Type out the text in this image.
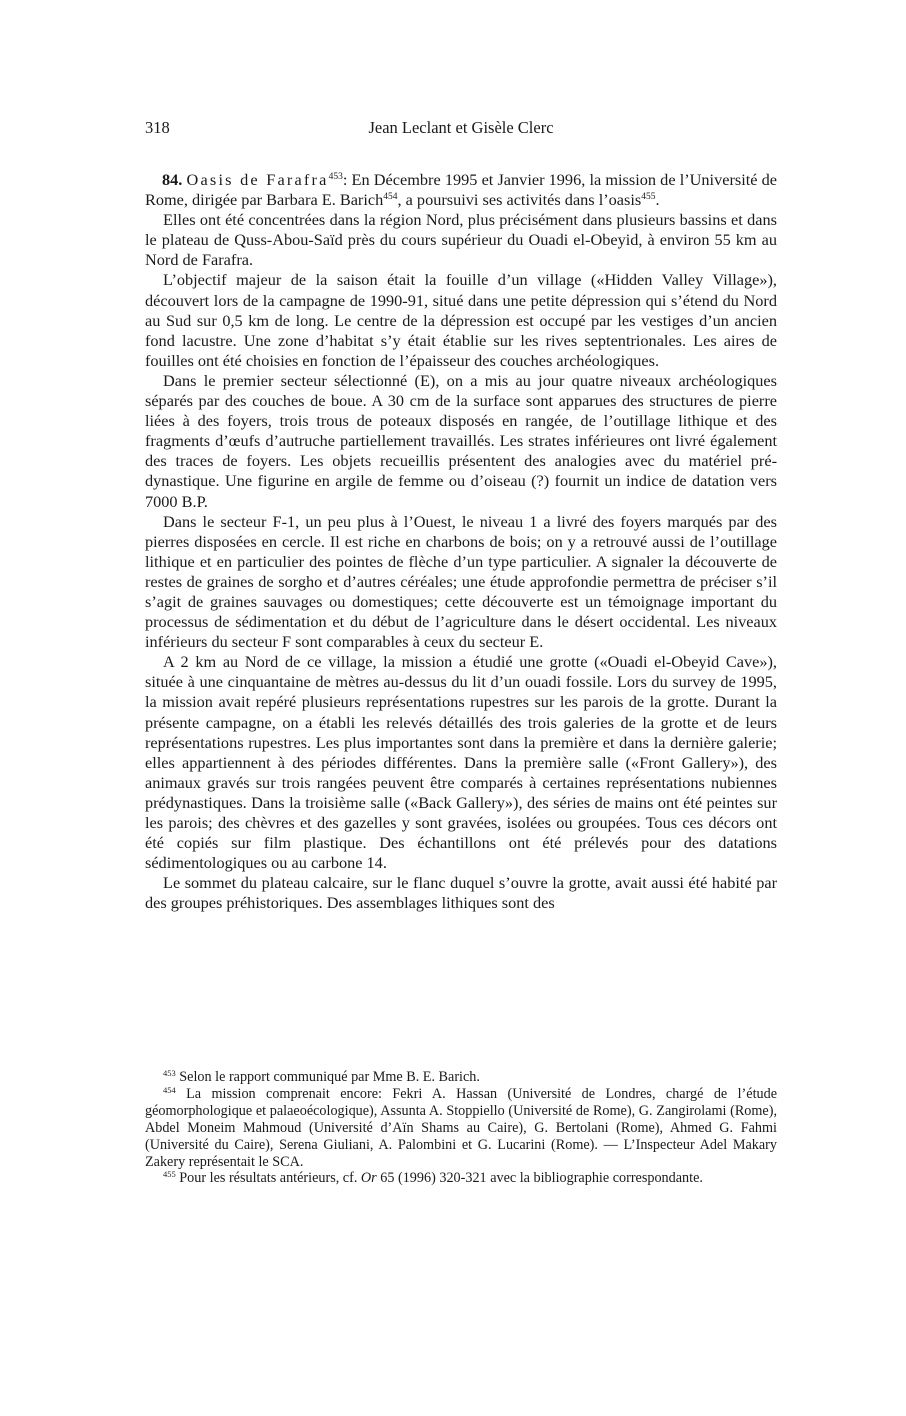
318	Jean Leclant et Gisèle Clerc

84. Oasis de Farafra$^{453}$: En Décembre 1995 et Janvier 1996, la mission de l’Université de Rome, dirigée par Barbara E. Barich$^{454}$, a poursuivi ses activités dans l’oasis$^{455}$.

Elles ont été concentrées dans la région Nord, plus précisément dans plusieurs bassins et dans le plateau de Quss-Abou-Saïd près du cours supérieur du Ouadi el-Obeyid, à environ 55 km au Nord de Farafra.

L’objectif majeur de la saison était la fouille d’un village («Hidden Valley Village»), découvert lors de la campagne de 1990-91, situé dans une petite dépression qui s’étend du Nord au Sud sur 0,5 km de long. Le centre de la dépression est occupé par les vestiges d’un ancien fond lacustre. Une zone d’habitat s’y était établie sur les rives septentrionales. Les aires de fouilles ont été choisies en fonction de l’épaisseur des couches archéologiques.

Dans le premier secteur sélectionné (E), on a mis au jour quatre niveaux archéologiques séparés par des couches de boue. A 30 cm de la surface sont apparues des structures de pierre liées à des foyers, trois trous de poteaux disposés en rangée, de l’outillage lithique et des fragments d’œufs d’autruche partiellement travaillés. Les strates inférieures ont livré également des traces de foyers. Les objets recueillis présentent des analogies avec du matériel pré-dynastique. Une figurine en argile de femme ou d’oiseau (?) fournit un indice de datation vers 7000 B.P.

Dans le secteur F-1, un peu plus à l’Ouest, le niveau 1 a livré des foyers marqués par des pierres disposées en cercle. Il est riche en charbons de bois; on y a retrouvé aussi de l’outillage lithique et en particulier des pointes de flèche d’un type particulier. A signaler la découverte de restes de graines de sorgho et d’autres céréales; une étude approfondie permettra de préciser s’il s’agit de graines sauvages ou domestiques; cette découverte est un témoignage important du processus de sédimentation et du début de l’agriculture dans le désert occidental. Les niveaux inférieurs du secteur F sont comparables à ceux du secteur E.

A 2 km au Nord de ce village, la mission a étudié une grotte («Ouadi el-Obeyid Cave»), située à une cinquantaine de mètres au-dessus du lit d’un ouadi fossile. Lors du survey de 1995, la mission avait repéré plusieurs représentations rupestres sur les parois de la grotte. Durant la présente campagne, on a établi les relevés détaillés des trois galeries de la grotte et de leurs représentations rupestres. Les plus importantes sont dans la première et dans la dernière galerie; elles appartiennent à des périodes différentes. Dans la première salle («Front Gallery»), des animaux gravés sur trois rangées peuvent être comparés à certaines représentations nubiennes prédynastiques. Dans la troisième salle («Back Gallery»), des séries de mains ont été peintes sur les parois; des chèvres et des gazelles y sont gravées, isolées ou groupées. Tous ces décors ont été copiés sur film plastique. Des échantillons ont été prélevés pour des datations sédimentologiques ou au carbone 14.

Le sommet du plateau calcaire, sur le flanc duquel s’ouvre la grotte, avait aussi été habité par des groupes préhistoriques. Des assemblages lithiques sont des

$^{453}$ Selon le rapport communiqué par Mme B. E. Barich.

$^{454}$ La mission comprenait encore: Fekri A. Hassan (Université de Londres, chargé de l’étude géomorphologique et palaeoécologique), Assunta A. Stoppiello (Université de Rome), G. Zangirolami (Rome), Abdel Moneim Mahmoud (Université d’Aïn Shams au Caire), G. Bertolani (Rome), Ahmed G. Fahmi (Université du Caire), Serena Giuliani, A. Palombini et G. Lucarini (Rome). — L’Inspecteur Adel Makary Zakery représentait le SCA.

$^{455}$ Pour les résultats antérieurs, cf. Or 65 (1996) 320-321 avec la bibliographie correspondante.
